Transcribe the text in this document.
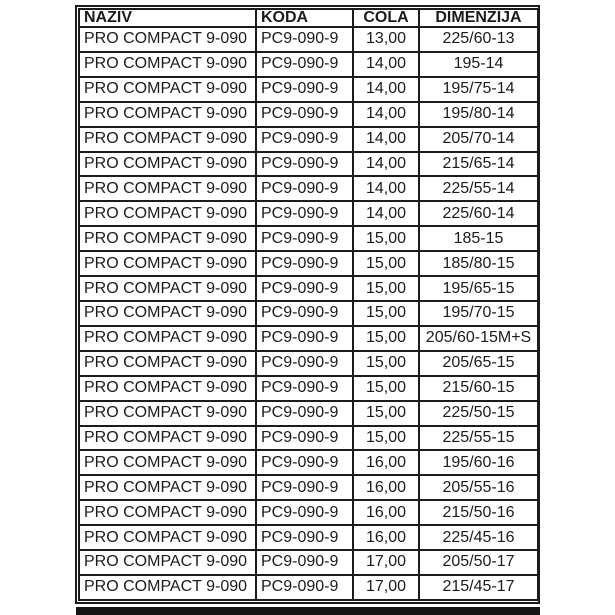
NAZIV	KODA	COLA	DIMENZIJA
PRO COMPACT 9-090	PC9-090-9	13,00	225/60-13
PRO COMPACT 9-090	PC9-090-9	14,00	195-14
PRO COMPACT 9-090	PC9-090-9	14,00	195/75-14
PRO COMPACT 9-090	PC9-090-9	14,00	195/80-14
PRO COMPACT 9-090	PC9-090-9	14,00	205/70-14
PRO COMPACT 9-090	PC9-090-9	14,00	215/65-14
PRO COMPACT 9-090	PC9-090-9	14,00	225/55-14
PRO COMPACT 9-090	PC9-090-9	14,00	225/60-14
PRO COMPACT 9-090	PC9-090-9	15,00	185-15
PRO COMPACT 9-090	PC9-090-9	15,00	185/80-15
PRO COMPACT 9-090	PC9-090-9	15,00	195/65-15
PRO COMPACT 9-090	PC9-090-9	15,00	195/70-15
PRO COMPACT 9-090	PC9-090-9	15,00	205/60-15M+S
PRO COMPACT 9-090	PC9-090-9	15,00	205/65-15
PRO COMPACT 9-090	PC9-090-9	15,00	215/60-15
PRO COMPACT 9-090	PC9-090-9	15,00	225/50-15
PRO COMPACT 9-090	PC9-090-9	15,00	225/55-15
PRO COMPACT 9-090	PC9-090-9	16,00	195/60-16
PRO COMPACT 9-090	PC9-090-9	16,00	205/55-16
PRO COMPACT 9-090	PC9-090-9	16,00	215/50-16
PRO COMPACT 9-090	PC9-090-9	16,00	225/45-16
PRO COMPACT 9-090	PC9-090-9	17,00	205/50-17
PRO COMPACT 9-090	PC9-090-9	17,00	215/45-17
